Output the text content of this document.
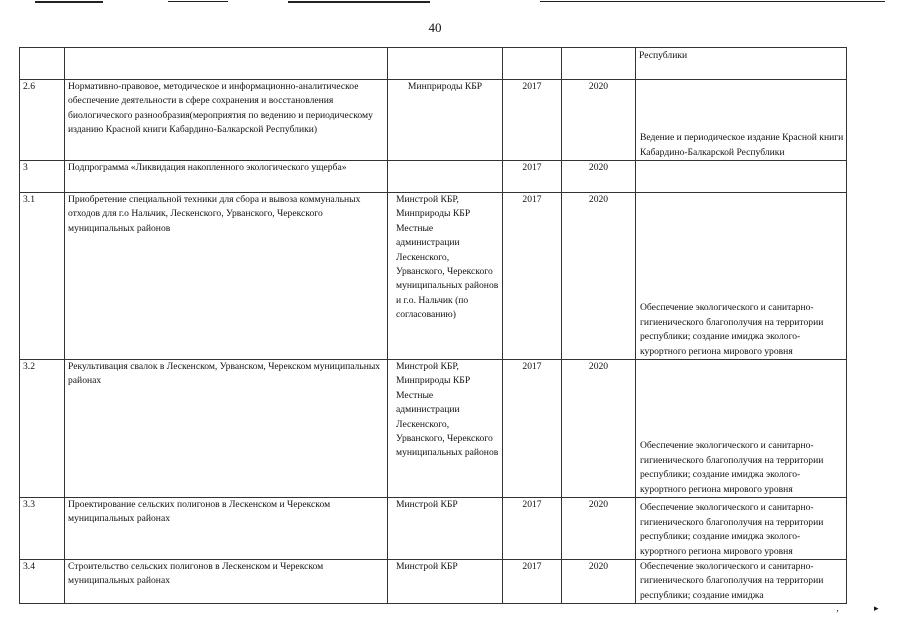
40
					Республики
2.6	Нормативно-правовое, методическое и информационно-аналитическое обеспечение деятельности в сфере сохранения и восстановления биологического разнообразия(мероприятия по ведению и периодическому изданию Красной книги Кабардино-Балкарской Республики)	Минприроды КБР	2017	2020	Ведение и периодическое издание Красной книги Кабардино-Балкарской Республики
3	Подпрограмма «Ликвидация накопленного экологического ущерба»		2017	2020	
3.1	Приобретение специальной техники для сбора и вывоза коммунальных отходов для г.о Нальчик, Лескенского, Урванского, Черекского муниципальных районов	Минстрой КБР, Минприроды КБР Местные администрации Лескенского, Урванского, Черекского муниципальных районов и г.о. Нальчик (по согласованию)	2017	2020	Обеспечение экологического и санитарно-гигиенического благополучия на территории республики; создание имиджа эколого-курортного региона мирового уровня
3.2	Рекультивация свалок в Лескенском, Урванском, Черекском муниципальных районах	Минстрой КБР, Минприроды КБР Местные администрации Лескенского, Урванского, Черекского муниципальных районов	2017	2020	Обеспечение экологического и санитарно-гигиенического благополучия на территории республики; создание имиджа эколого-курортного региона мирового уровня
3.3	Проектирование сельских полигонов в Лескенском и Черекском муниципальных районах	Минстрой КБР	2017	2020	Обеспечение экологического и санитарно-гигиенического благополучия на территории республики; создание имиджа эколого-курортного региона мирового уровня
3.4	Строительство сельских полигонов в Лескенском и Черекском муниципальных районах	Минстрой КБР	2017	2020	Обеспечение экологического и санитарно-гигиенического благополучия на территории республики; создание имиджа
‚	▸
